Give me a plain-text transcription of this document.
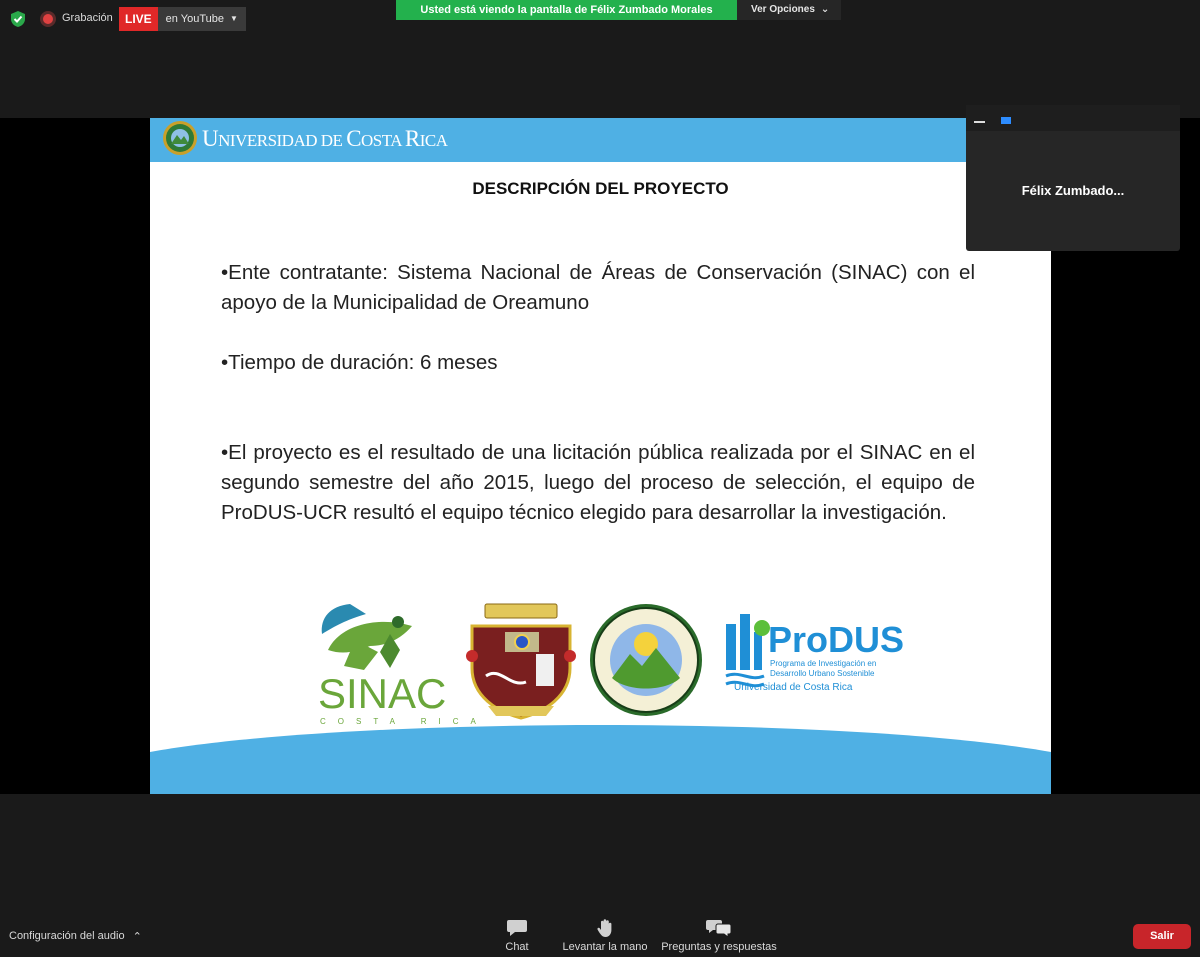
Grabación	LIVE	en YouTube ▼
Usted está viendo la pantalla de Félix Zumbado Morales	Ver Opciones ⌄
UNIVERSIDAD DE COSTA RICA
DESCRIPCIÓN DEL PROYECTO
•Ente contratante: Sistema Nacional de Áreas de Conservación (SINAC) con el apoyo de la Municipalidad de Oreamuno
•Tiempo de duración: 6 meses
•El proyecto es el resultado de una licitación pública realizada por el SINAC en el segundo semestre del año 2015, luego del proceso de selección, el equipo de ProDUS-UCR resultó el equipo técnico elegido para desarrollar la investigación.
SINAC
COSTA RICA
ProDUS
Programa de Investigación en
Desarrollo Urbano Sostenible
Universidad de Costa Rica
Félix Zumbado...
Configuración del audio ⌃
Chat	Levantar la mano Preguntas y respuestas
Salir
